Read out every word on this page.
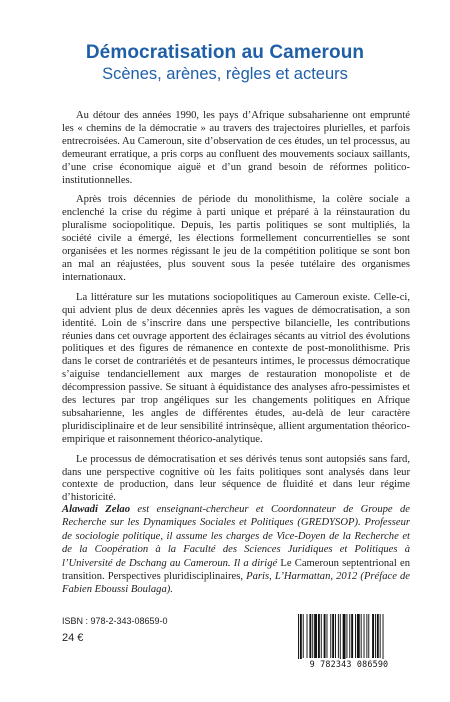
Démocratisation au Cameroun
Scènes, arènes, règles et acteurs

Au détour des années 1990, les pays d’Afrique subsaharienne ont emprunté les « chemins de la démocratie » au travers des trajectoires plurielles, et parfois entrecroisées. Au Cameroun, site d’observation de ces études, un tel processus, au demeurant erratique, a pris corps au confluent des mouvements sociaux saillants, d’une crise économique aiguë et d’un grand besoin de réformes politico-institutionnelles.

Après trois décennies de période du monolithisme, la colère sociale a enclenché la crise du régime à parti unique et préparé à la réinstauration du pluralisme sociopolitique. Depuis, les partis politiques se sont multipliés, la société civile a émergé, les élections formellement concurrentielles se sont organisées et les normes régissant le jeu de la compétition politique se sont bon an mal an réajustées, plus souvent sous la pesée tutélaire des organismes internationaux.

La littérature sur les mutations sociopolitiques au Cameroun existe. Celle-ci, qui advient plus de deux décennies après les vagues de démocratisation, a son identité. Loin de s’inscrire dans une perspective bilancielle, les contributions réunies dans cet ouvrage apportent des éclairages sécants au vitriol des évolutions politiques et des figures de rémanence en contexte de post-monolithisme. Pris dans le corset de contrariétés et de pesanteurs intimes, le processus démocratique s’aiguise tendanciellement aux marges de restauration monopoliste et de décompression passive. Se situant à équidistance des analyses afro-pessimistes et des lectures par trop angéliques sur les changements politiques en Afrique subsaharienne, les angles de différentes études, au-delà de leur caractère pluridisciplinaire et de leur sensibilité intrinsèque, allient argumentation théorico-empirique et raisonnement théorico-analytique.

Le processus de démocratisation et ses dérivés tenus sont autopsiés sans fard, dans une perspective cognitive où les faits politiques sont analysés dans leur contexte de production, dans leur séquence de fluidité et dans leur régime d’historicité.

Alawadi Zelao est enseignant-chercheur et Coordonnateur de Groupe de Recherche sur les Dynamiques Sociales et Politiques (GREDYSOP). Professeur de sociologie politique, il assume les charges de Vice-Doyen de la Recherche et de la Coopération à la Faculté des Sciences Juridiques et Politiques à l’Université de Dschang au Cameroun. Il a dirigé Le Cameroun septentrional en transition. Perspectives pluridisciplinaires, Paris, L’Harmattan, 2012 (Préface de Fabien Eboussi Boulaga).
ISBN : 978-2-343-08659-0
24 €
9 782343 086590
